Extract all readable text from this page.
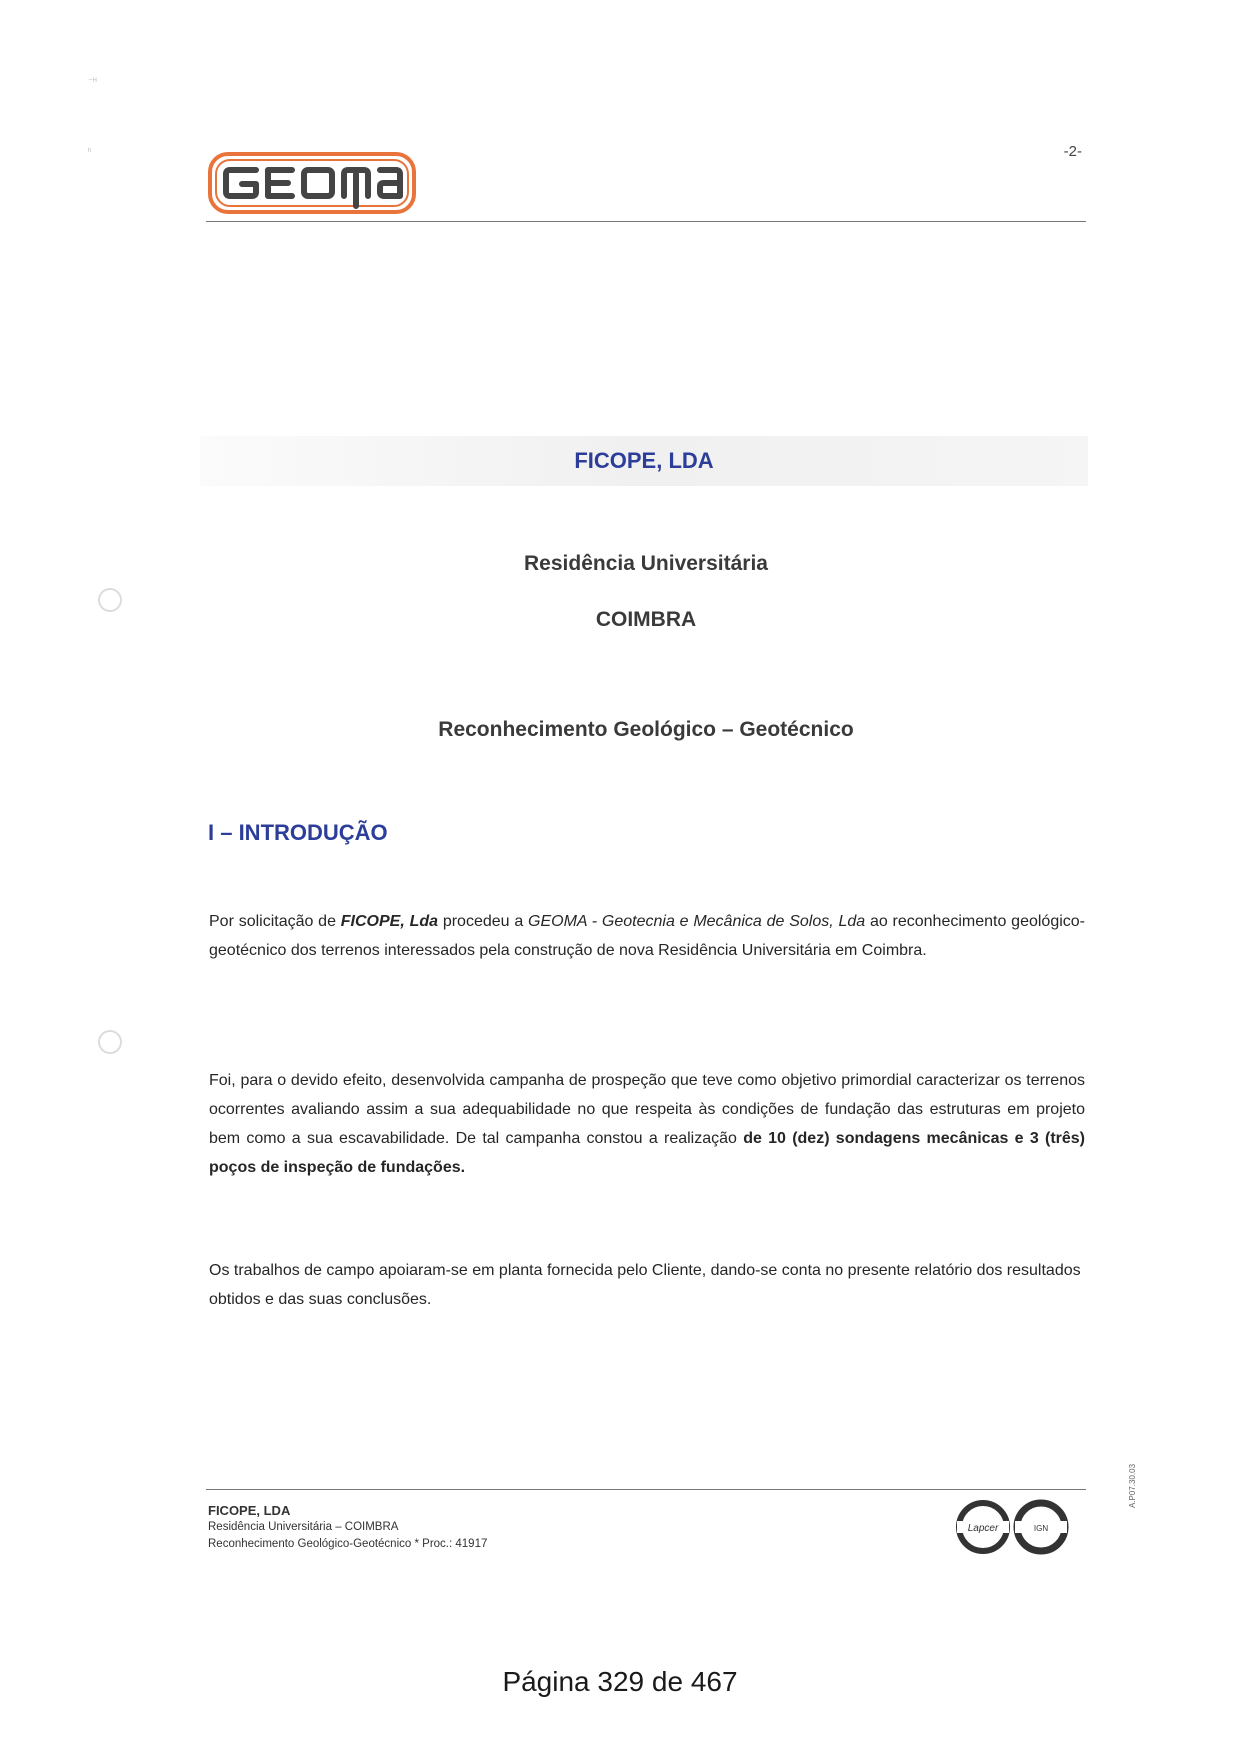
⁻ᴴ
ʰ	-2-
FICOPE, LDA
Residência Universitária
COIMBRA
Reconhecimento Geológico – Geotécnico
I – INTRODUÇÃO

Por solicitação de FICOPE, Lda procedeu a GEOMA - Geotecnia e Mecânica de Solos, Lda ao reconhecimento geológico-geotécnico dos terrenos interessados pela construção de nova Residência Universitária em Coimbra.

Foi, para o devido efeito, desenvolvida campanha de prospeção que teve como objetivo primordial caracterizar os terrenos ocorrentes avaliando assim a sua adequabilidade no que respeita às condições de fundação das estruturas em projeto bem como a sua escavabilidade. De tal campanha constou a realização de 10 (dez) sondagens mecânicas e 3 (três) poços de inspeção de fundações.

Os trabalhos de campo apoiaram-se em planta fornecida pelo Cliente, dando-se conta no presente relatório dos resultados obtidos e das suas conclusões.

FICOPE, LDA
Residência Universitária – COIMBRA
Reconhecimento Geológico-Geotécnico * Proc.: 41917
Lapcer	IGN
A.P07.30.03
Página 329 de 467
